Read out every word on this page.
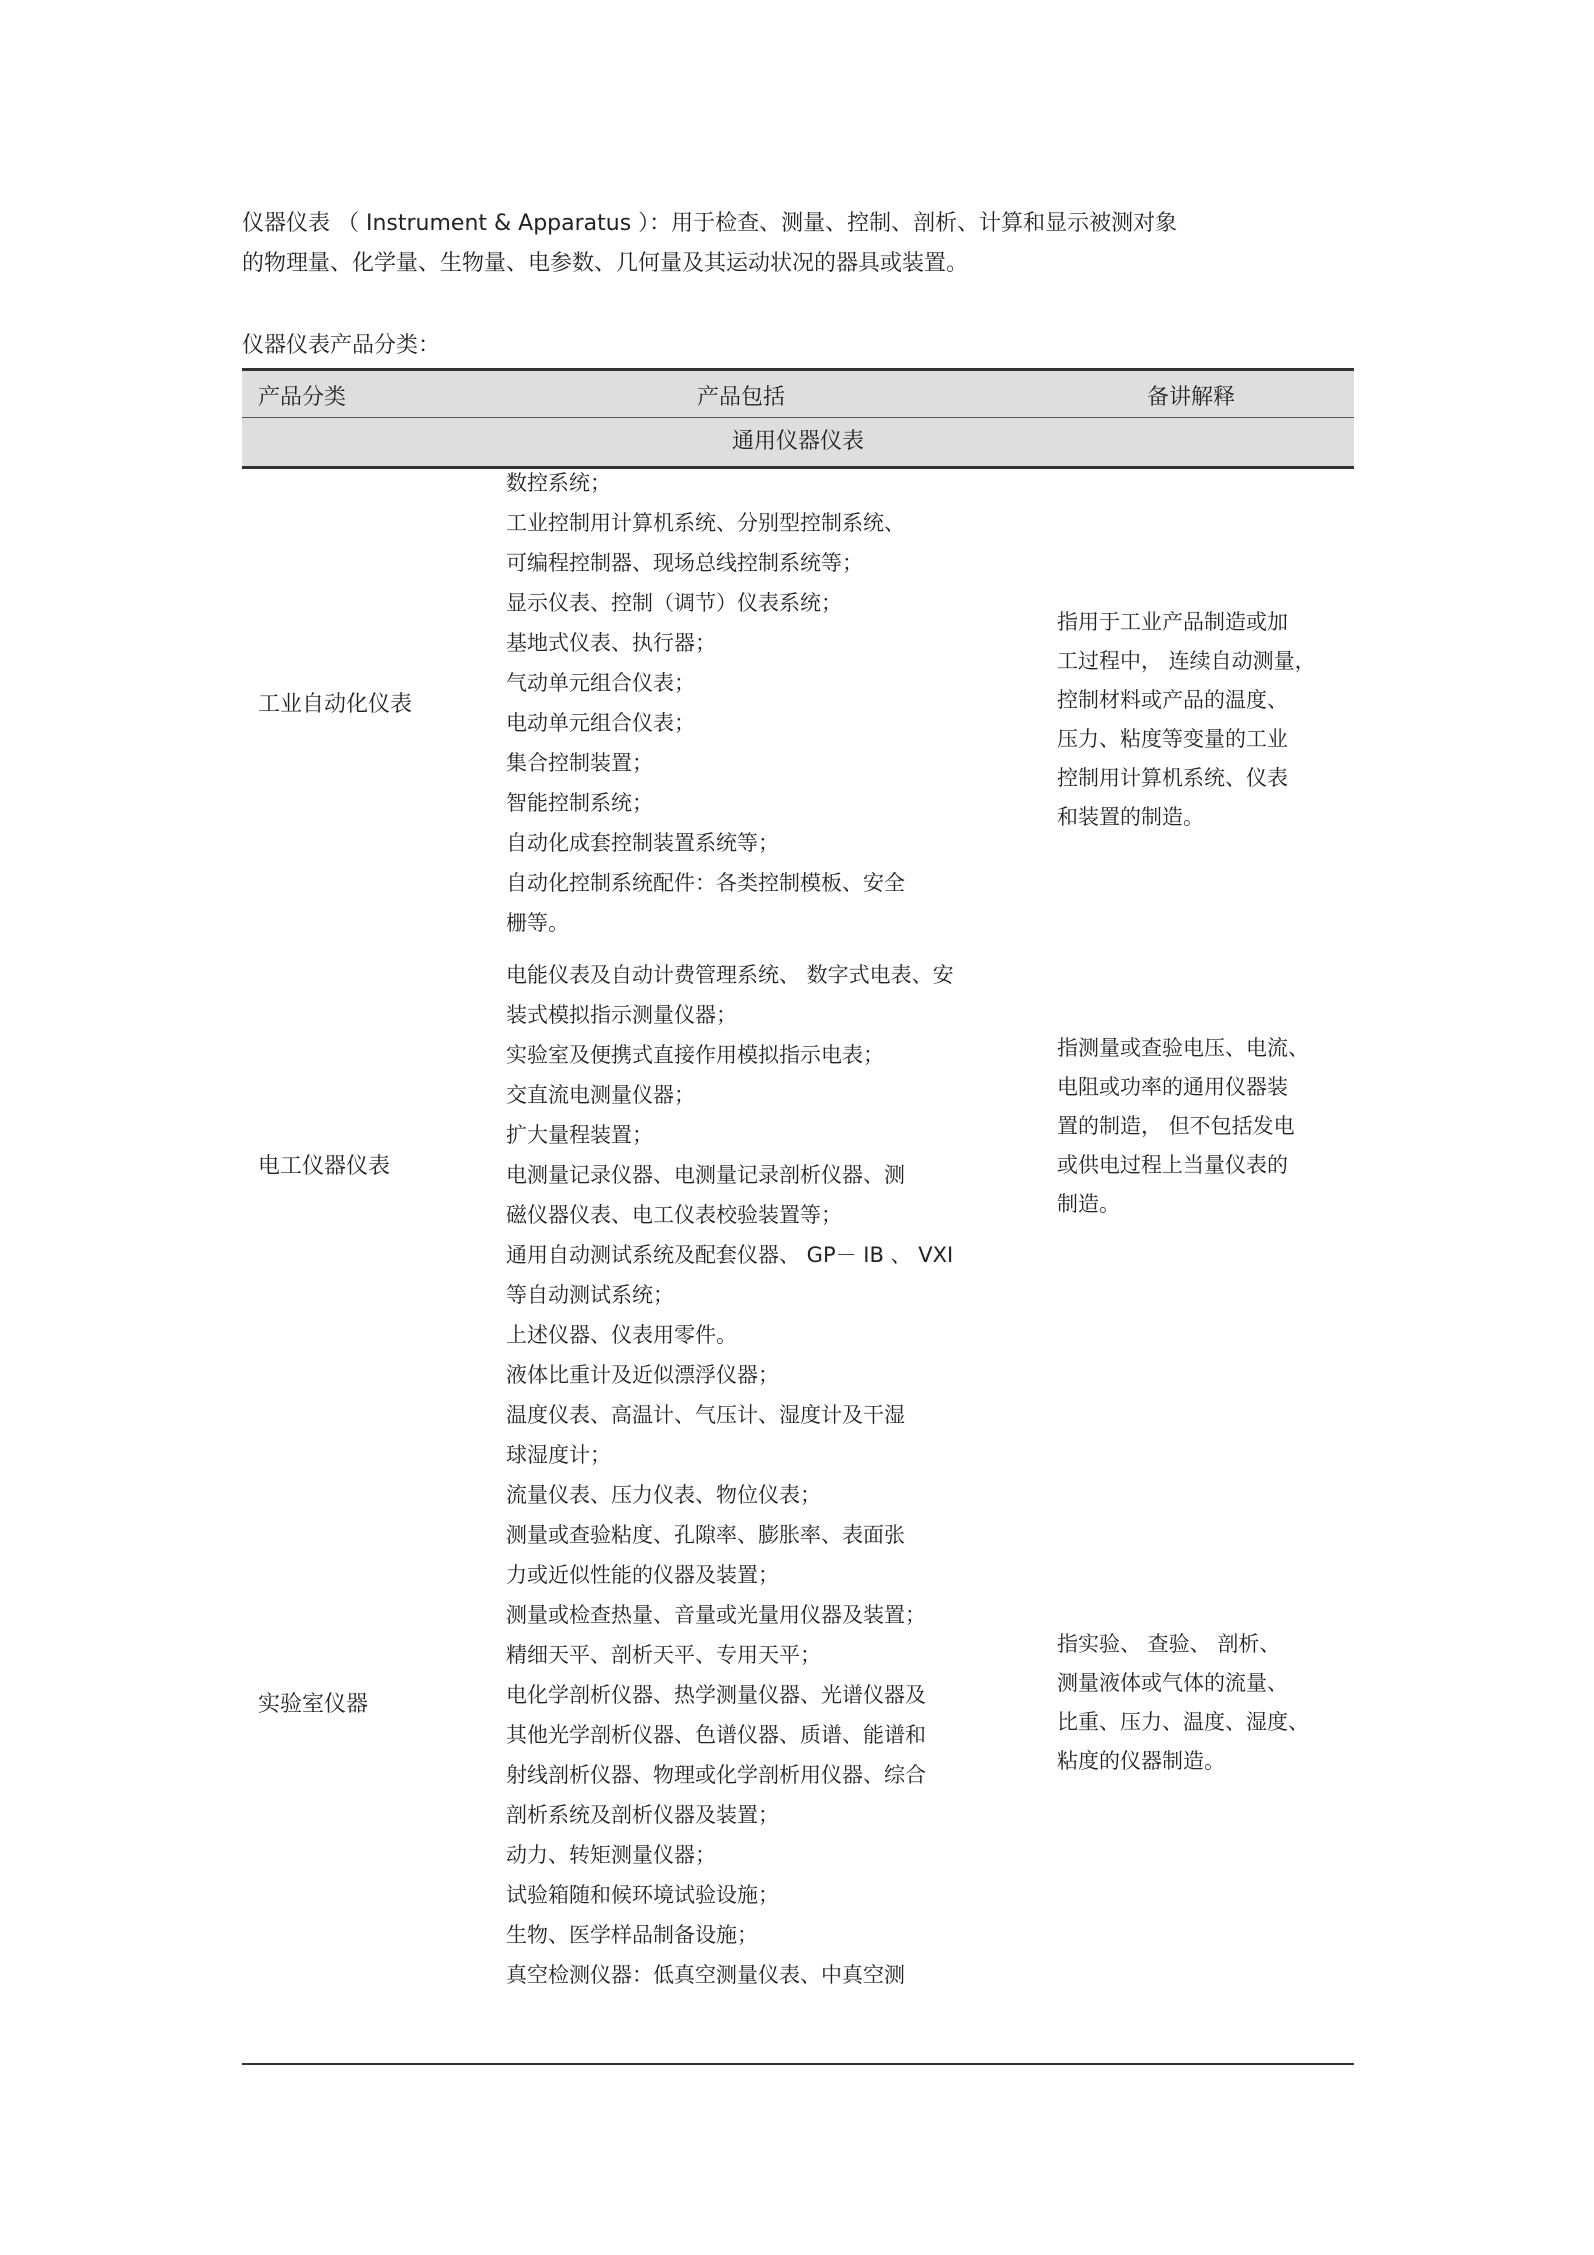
仪器仪表 （ Instrument & Apparatus ）：用于检查、测量、控制、剖析、计算和显示被测对象
的物理量、化学量、生物量、电参数、几何量及其运动状况的器具或装置。

仪器仪表产品分类：

产品分类	产品包括	备讲解释
通用仪器仪表
工业自动化仪表
数控系统；
工业控制用计算机系统、分别型控制系统、
可编程控制器、现场总线控制系统等；
显示仪表、控制（调节）仪表系统；
基地式仪表、执行器；
气动单元组合仪表；
电动单元组合仪表；
集合控制装置；
智能控制系统；
自动化成套控制装置系统等；
自动化控制系统配件：各类控制模板、安全
栅等。
指用于工业产品制造或加
工过程中， 连续自动测量，
控制材料或产品的温度、
压力、粘度等变量的工业
控制用计算机系统、仪表
和装置的制造。
电工仪器仪表
电能仪表及自动计费管理系统、 数字式电表、安
装式模拟指示测量仪器；
实验室及便携式直接作用模拟指示电表；
交直流电测量仪器；
扩大量程装置；
电测量记录仪器、电测量记录剖析仪器、测
磁仪器仪表、电工仪表校验装置等；
通用自动测试系统及配套仪器、 GP－ IB 、 VXI
等自动测试系统；
上述仪器、仪表用零件。
指测量或查验电压、电流、
电阻或功率的通用仪器装
置的制造， 但不包括发电
或供电过程上当量仪表的
制造。
实验室仪器
液体比重计及近似漂浮仪器；
温度仪表、高温计、气压计、湿度计及干湿
球湿度计；
流量仪表、压力仪表、物位仪表；
测量或查验粘度、孔隙率、膨胀率、表面张
力或近似性能的仪器及装置；
测量或检查热量、音量或光量用仪器及装置；
精细天平、剖析天平、专用天平；
电化学剖析仪器、热学测量仪器、光谱仪器及
其他光学剖析仪器、色谱仪器、质谱、能谱和
射线剖析仪器、物理或化学剖析用仪器、综合
剖析系统及剖析仪器及装置；
动力、转矩测量仪器；
试验箱随和候环境试验设施；
生物、医学样品制备设施；
真空检测仪器：低真空测量仪表、中真空测
指实验、 查验、 剖析、
测量液体或气体的流量、
比重、压力、温度、湿度、
粘度的仪器制造。
